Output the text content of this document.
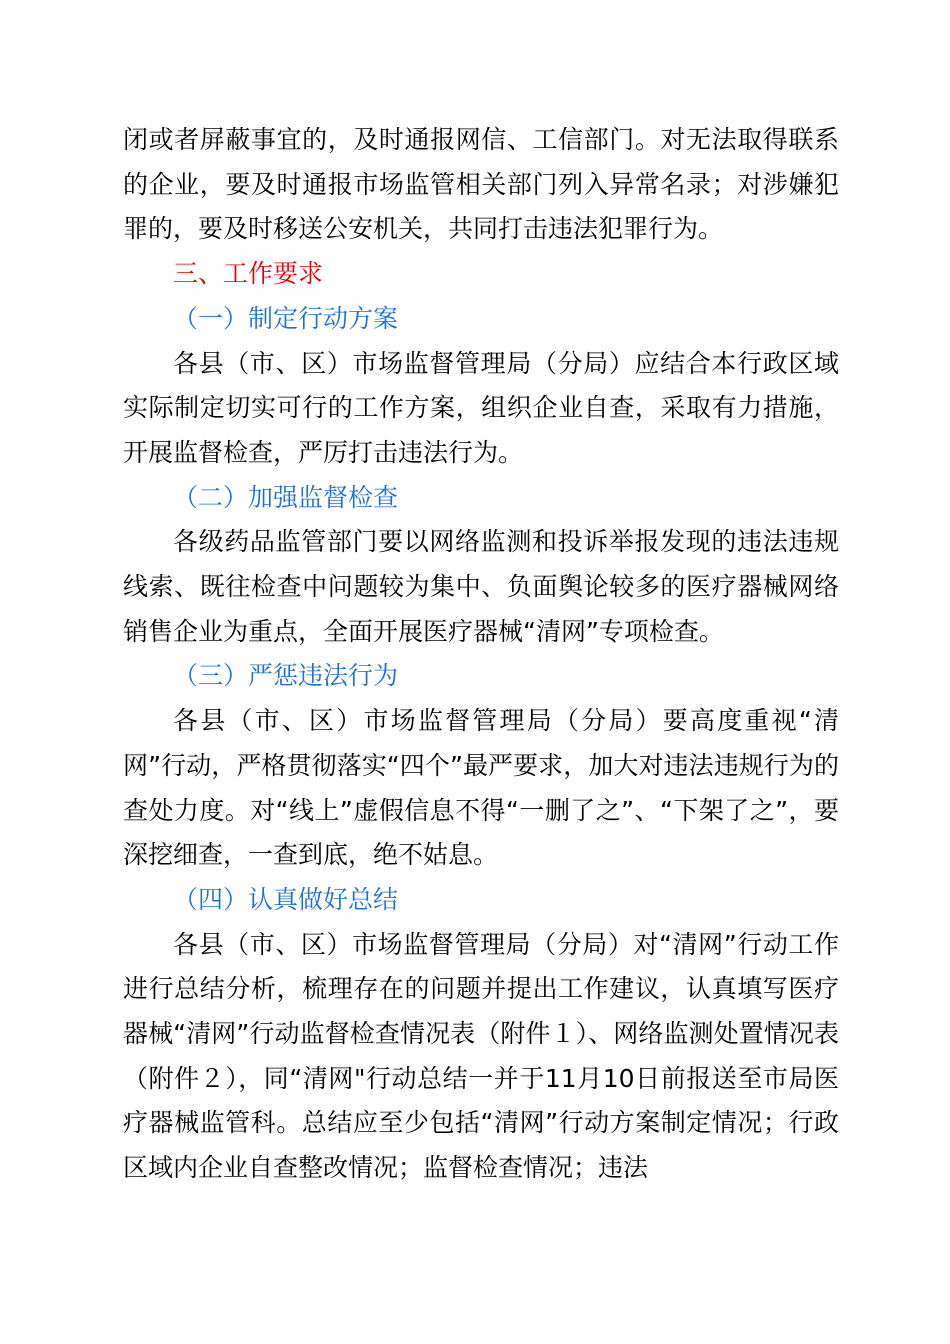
闭或者屏蔽事宜的，及时通报网信、工信部门。对无法取得联系的企业，要及时通报市场监管相关部门列入异常名录；对涉嫌犯罪的，要及时移送公安机关，共同打击违法犯罪行为。

三、工作要求

（一）制定行动方案

各县（市、区）市场监督管理局（分局）应结合本行政区域实际制定切实可行的工作方案，组织企业自查，采取有力措施，开展监督检查，严厉打击违法行为。

（二）加强监督检查

各级药品监管部门要以网络监测和投诉举报发现的违法违规线索、既往检查中问题较为集中、负面舆论较多的医疗器械网络销售企业为重点，全面开展医疗器械“清网”专项检查。

（三）严惩违法行为

各县（市、区）市场监督管理局（分局）要高度重视“清网”行动，严格贯彻落实“四个”最严要求，加大对违法违规行为的查处力度。对“线上”虚假信息不得“一删了之”、“下架了之”，要深挖细查，一查到底，绝不姑息。

（四）认真做好总结

各县（市、区）市场监督管理局（分局）对“清网”行动工作进行总结分析，梳理存在的问题并提出工作建议，认真填写医疗器械“清网”行动监督检查情况表（附件１）、网络监测处置情况表（附件２），同“清网"行动总结一并于11月10日前报送至市局医疗器械监管科。总结应至少包括“清网”行动方案制定情况；行政区域内企业自查整改情况；监督检查情况；违法
